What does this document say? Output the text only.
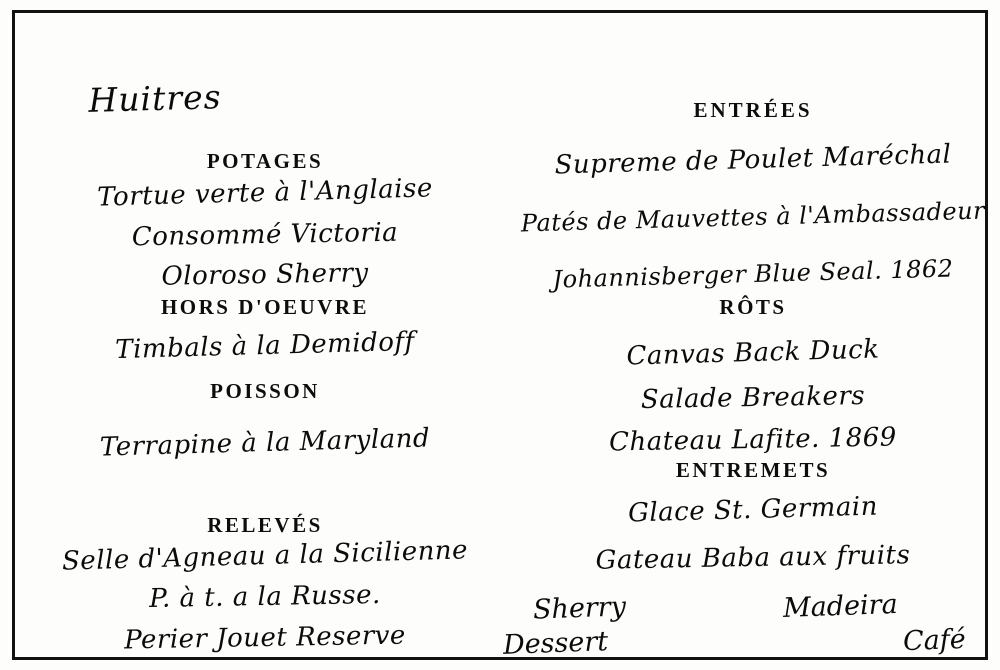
Huitres
POTAGES
Tortue verte à l'Anglaise
Consommé Victoria
Oloroso Sherry
HORS D'OEUVRE
Timbals à la Demidoff
POISSON
Terrapine à la Maryland
RELEVÉS
Selle d'Agneau a la Sicilienne
P. à t. a la Russe.
Perier Jouet Reserve
ENTRÉES
Supreme de Poulet Maréchal
Patés de Mauvettes à l'Ambassadeur
Johannisberger Blue Seal. 1862
RÔTS
Canvas Back Duck
Salade Breakers
Chateau Lafite. 1869
ENTREMETS
Glace St. Germain
Gateau Baba aux fruits
Sherry	Madeira
Dessert	Café
